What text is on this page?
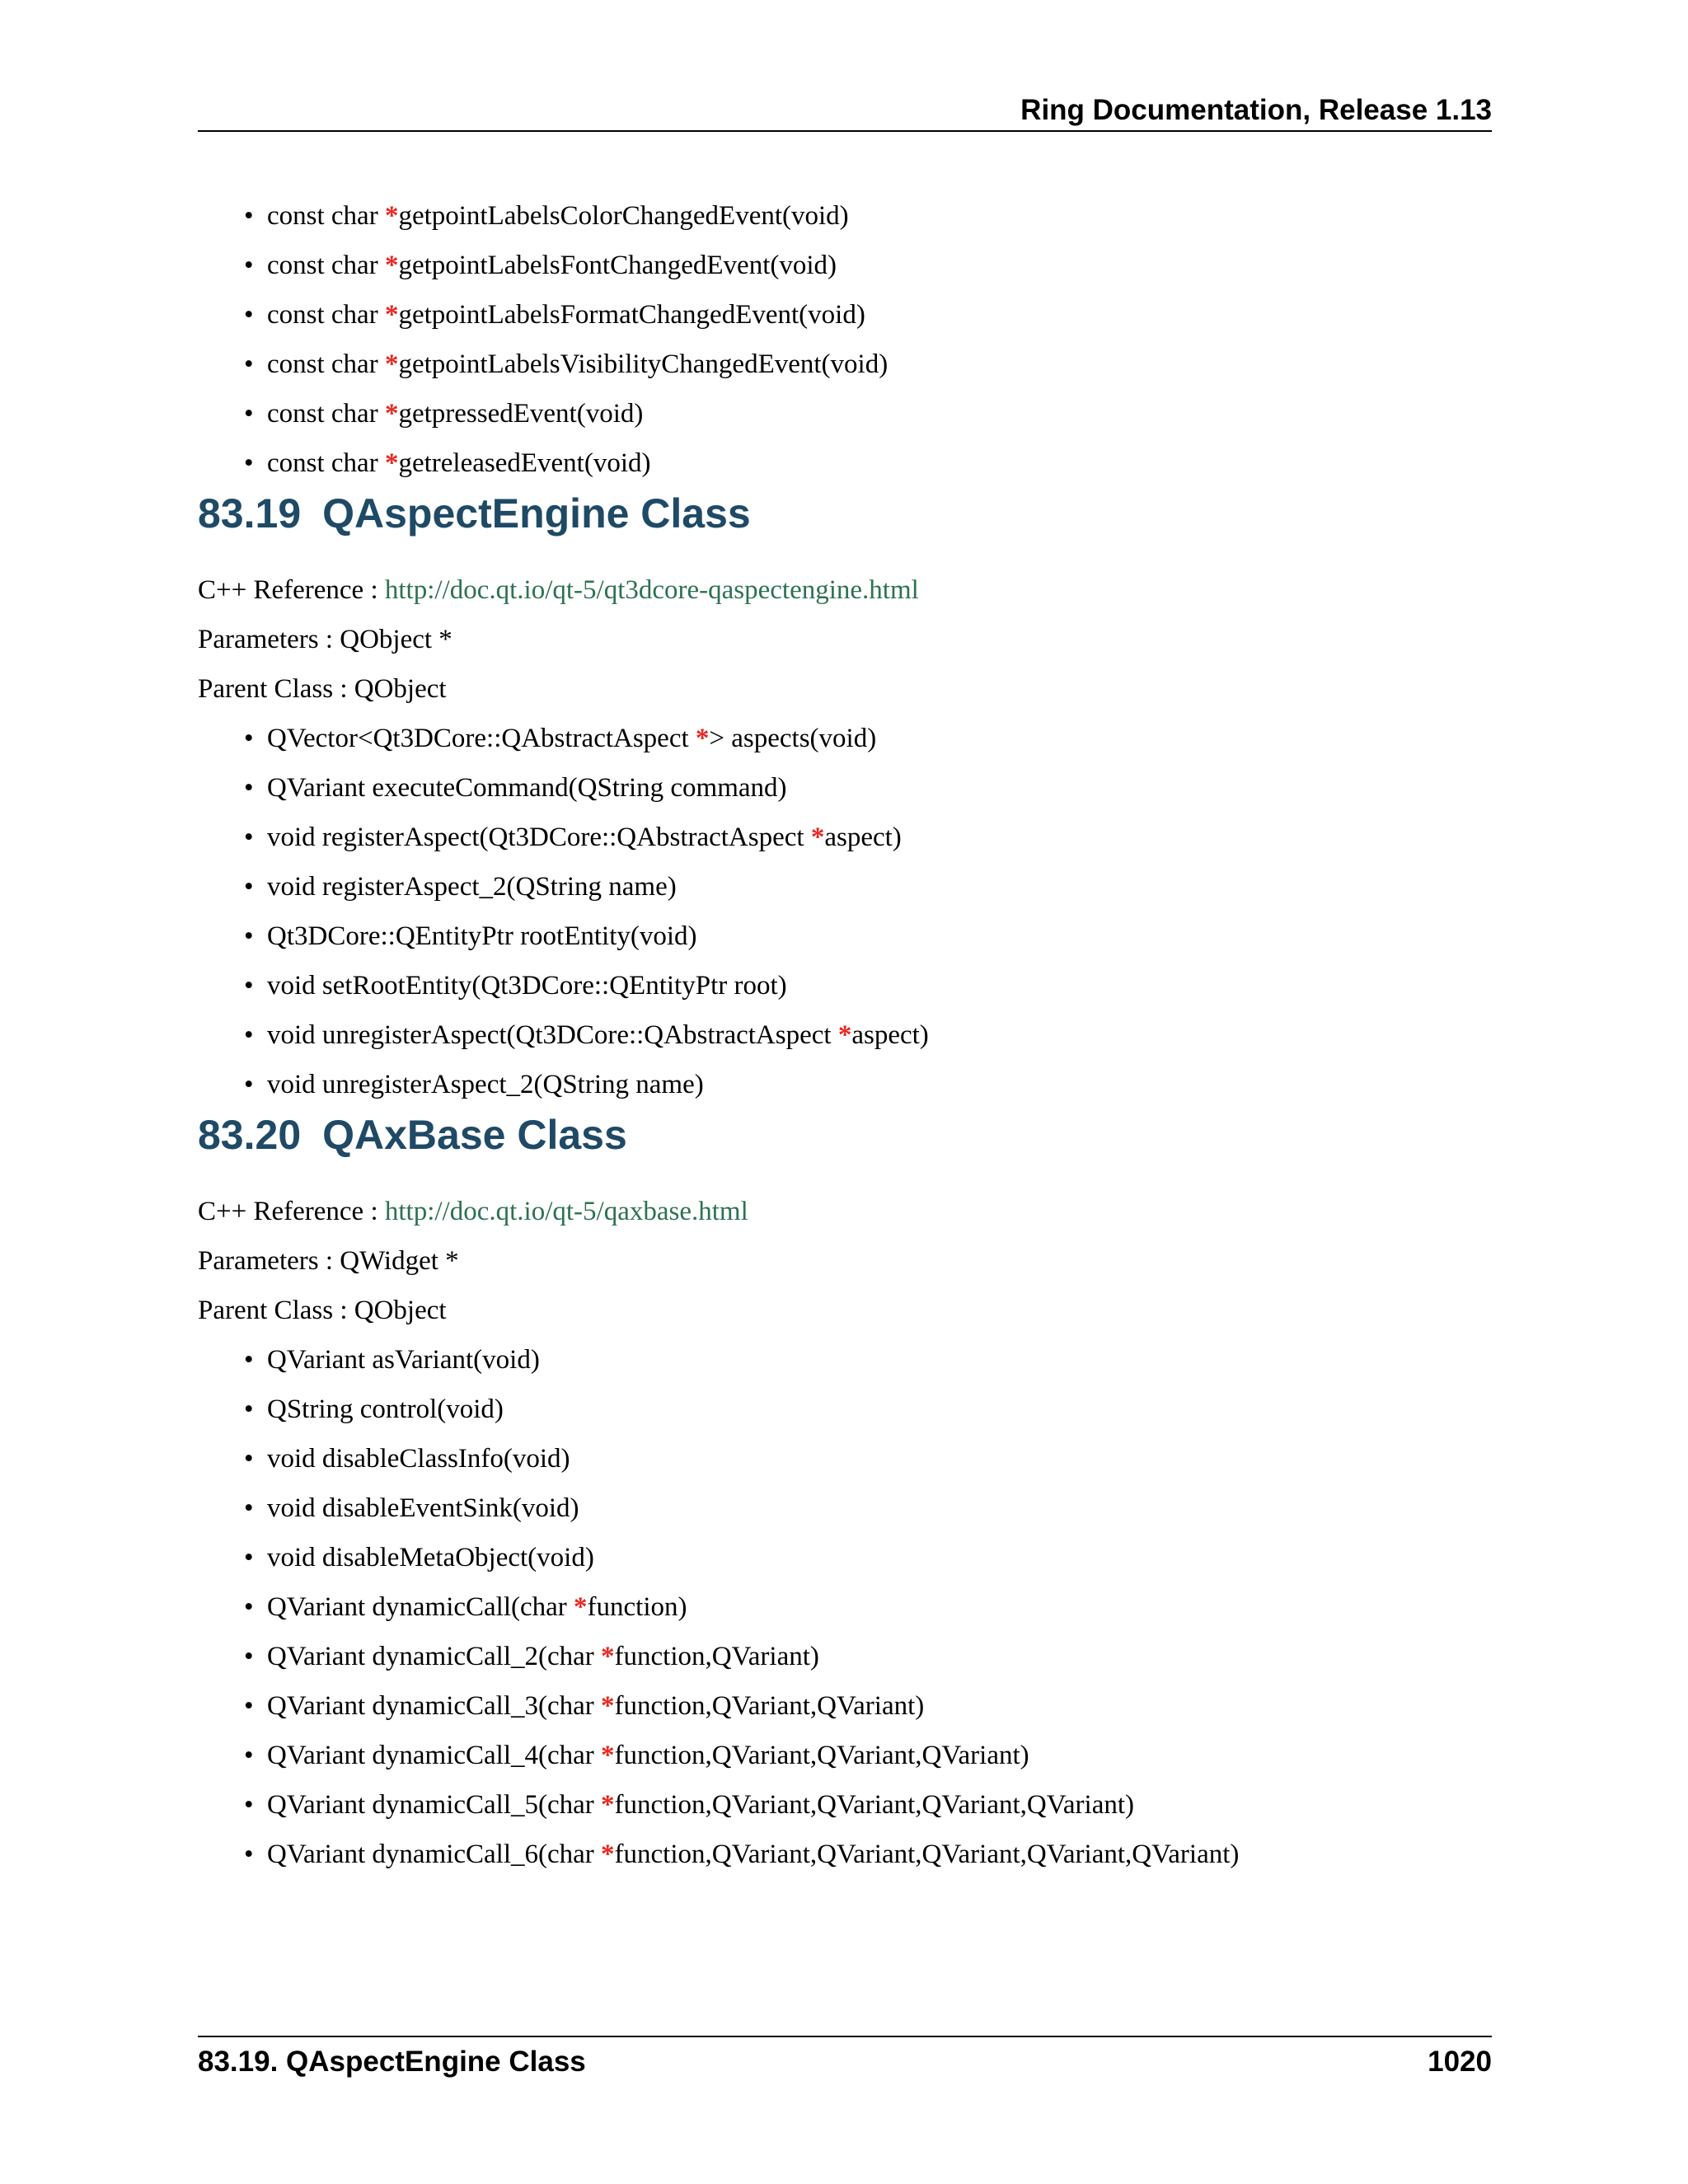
Ring Documentation, Release 1.13
• const char *getpointLabelsColorChangedEvent(void)
• const char *getpointLabelsFontChangedEvent(void)
• const char *getpointLabelsFormatChangedEvent(void)
• const char *getpointLabelsVisibilityChangedEvent(void)
• const char *getpressedEvent(void)
• const char *getreleasedEvent(void)
83.19 QAspectEngine Class
C++ Reference : http://doc.qt.io/qt-5/qt3dcore-qaspectengine.html
Parameters : QObject *
Parent Class : QObject
• QVector<Qt3DCore::QAbstractAspect *> aspects(void)
• QVariant executeCommand(QString command)
• void registerAspect(Qt3DCore::QAbstractAspect *aspect)
• void registerAspect_2(QString name)
• Qt3DCore::QEntityPtr rootEntity(void)
• void setRootEntity(Qt3DCore::QEntityPtr root)
• void unregisterAspect(Qt3DCore::QAbstractAspect *aspect)
• void unregisterAspect_2(QString name)
83.20 QAxBase Class
C++ Reference : http://doc.qt.io/qt-5/qaxbase.html
Parameters : QWidget *
Parent Class : QObject
• QVariant asVariant(void)
• QString control(void)
• void disableClassInfo(void)
• void disableEventSink(void)
• void disableMetaObject(void)
• QVariant dynamicCall(char *function)
• QVariant dynamicCall_2(char *function,QVariant)
• QVariant dynamicCall_3(char *function,QVariant,QVariant)
• QVariant dynamicCall_4(char *function,QVariant,QVariant,QVariant)
• QVariant dynamicCall_5(char *function,QVariant,QVariant,QVariant,QVariant)
• QVariant dynamicCall_6(char *function,QVariant,QVariant,QVariant,QVariant,QVariant)
83.19. QAspectEngine Class	1020
